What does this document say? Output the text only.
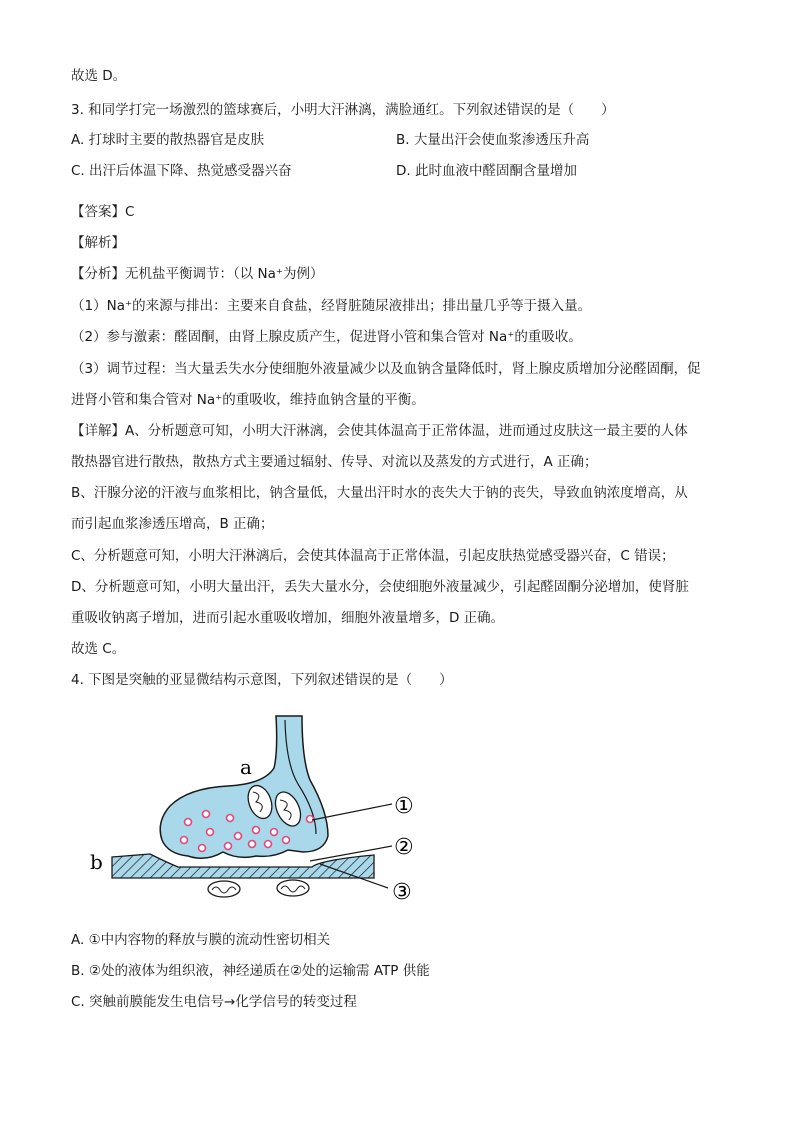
故选 D。
3. 和同学打完一场激烈的篮球赛后，小明大汗淋漓，满脸通红。下列叙述错误的是（　　）
A. 打球时主要的散热器官是皮肤	B. 大量出汗会使血浆渗透压升高
C. 出汗后体温下降、热觉感受器兴奋	D. 此时血液中醛固酮含量增加
【答案】C
【解析】
【分析】无机盐平衡调节：（以 Na⁺为例）
（1）Na⁺的来源与排出：主要来自食盐，经肾脏随尿液排出；排出量几乎等于摄入量。
（2）参与激素：醛固酮，由肾上腺皮质产生，促进肾小管和集合管对 Na⁺的重吸收。
（3）调节过程：当大量丢失水分使细胞外液量减少以及血钠含量降低时，肾上腺皮质增加分泌醛固酮，促
进肾小管和集合管对 Na⁺的重吸收，维持血钠含量的平衡。
【详解】A、分析题意可知，小明大汗淋漓，会使其体温高于正常体温，进而通过皮肤这一最主要的人体
散热器官进行散热，散热方式主要通过辐射、传导、对流以及蒸发的方式进行，A 正确；
B、汗腺分泌的汗液与血浆相比，钠含量低，大量出汗时水的丧失大于钠的丧失，导致血钠浓度增高，从
而引起血浆渗透压增高，B 正确；
C、分析题意可知，小明大汗淋漓后，会使其体温高于正常体温，引起皮肤热觉感受器兴奋，C 错误；
D、分析题意可知，小明大量出汗，丢失大量水分，会使细胞外液量减少，引起醛固酮分泌增加，使肾脏
重吸收钠离子增加，进而引起水重吸收增加，细胞外液量增多，D 正确。
故选 C。
4. 下图是突触的亚显微结构示意图，下列叙述错误的是（　　）
a
b
①
②
③
A. ①中内容物的释放与膜的流动性密切相关
B. ②处的液体为组织液，神经递质在②处的运输需 ATP 供能
C. 突触前膜能发生电信号→化学信号的转变过程
